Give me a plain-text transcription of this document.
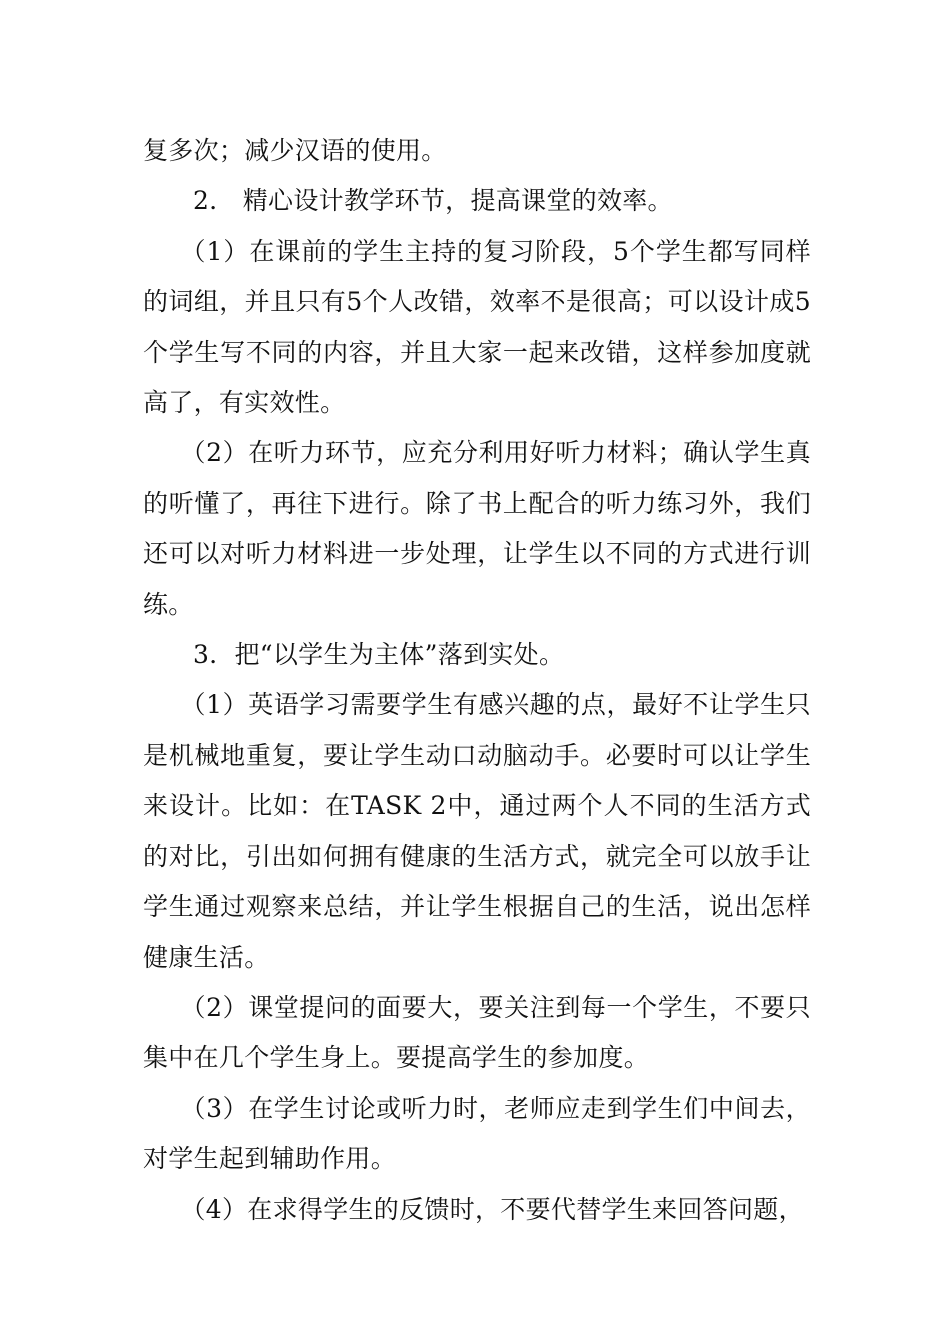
复多次；减少汉语的使用。

2． 精心设计教学环节，提高课堂的效率。

（1）在课前的学生主持的复习阶段，5个学生都写同样的词组，并且只有5个人改错，效率不是很高；可以设计成5个学生写不同的内容，并且大家一起来改错，这样参加度就高了，有实效性。

（2）在听力环节，应充分利用好听力材料；确认学生真的听懂了，再往下进行。除了书上配合的听力练习外，我们还可以对听力材料进一步处理，让学生以不同的方式进行训练。

3．把“以学生为主体”落到实处。

（1）英语学习需要学生有感兴趣的点，最好不让学生只是机械地重复，要让学生动口动脑动手。必要时可以让学生来设计。比如：在TASK 2中，通过两个人不同的生活方式的对比，引出如何拥有健康的生活方式，就完全可以放手让学生通过观察来总结，并让学生根据自己的生活，说出怎样健康生活。

（2）课堂提问的面要大，要关注到每一个学生，不要只集中在几个学生身上。要提高学生的参加度。

（3）在学生讨论或听力时，老师应走到学生们中间去，对学生起到辅助作用。

（4）在求得学生的反馈时，不要代替学生来回答问题，
